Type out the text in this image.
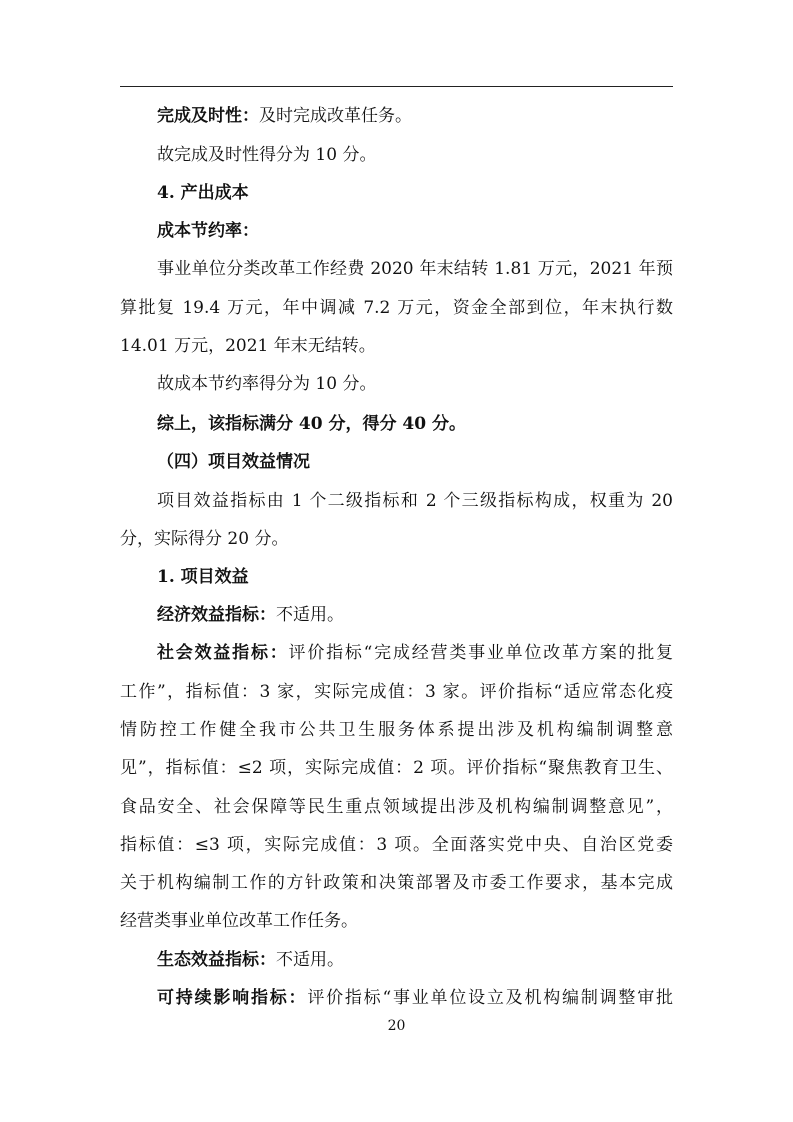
完成及时性：及时完成改革任务。
故完成及时性得分为 10 分。
4. 产出成本
成本节约率：
事业单位分类改革工作经费 2020 年末结转 1.81 万元，2021 年预
算批复 19.4 万元，年中调减 7.2 万元，资金全部到位，年末执行数
14.01 万元，2021 年末无结转。
故成本节约率得分为 10 分。
综上，该指标满分 40 分，得分 40 分。
（四）项目效益情况
项目效益指标由 1 个二级指标和 2 个三级指标构成，权重为 20
分，实际得分 20 分。
1. 项目效益
经济效益指标：不适用。
社会效益指标：评价指标“完成经营类事业单位改革方案的批复
工作”，指标值：3 家，实际完成值：3 家。评价指标“适应常态化疫
情防控工作健全我市公共卫生服务体系提出涉及机构编制调整意
见”，指标值：≤2 项，实际完成值：2 项。评价指标“聚焦教育卫生、
食品安全、社会保障等民生重点领域提出涉及机构编制调整意见”，
指标值：≤3 项，实际完成值：3 项。全面落实党中央、自治区党委
关于机构编制工作的方针政策和决策部署及市委工作要求，基本完成
经营类事业单位改革工作任务。
生态效益指标：不适用。
可持续影响指标：评价指标“事业单位设立及机构编制调整审批
20
